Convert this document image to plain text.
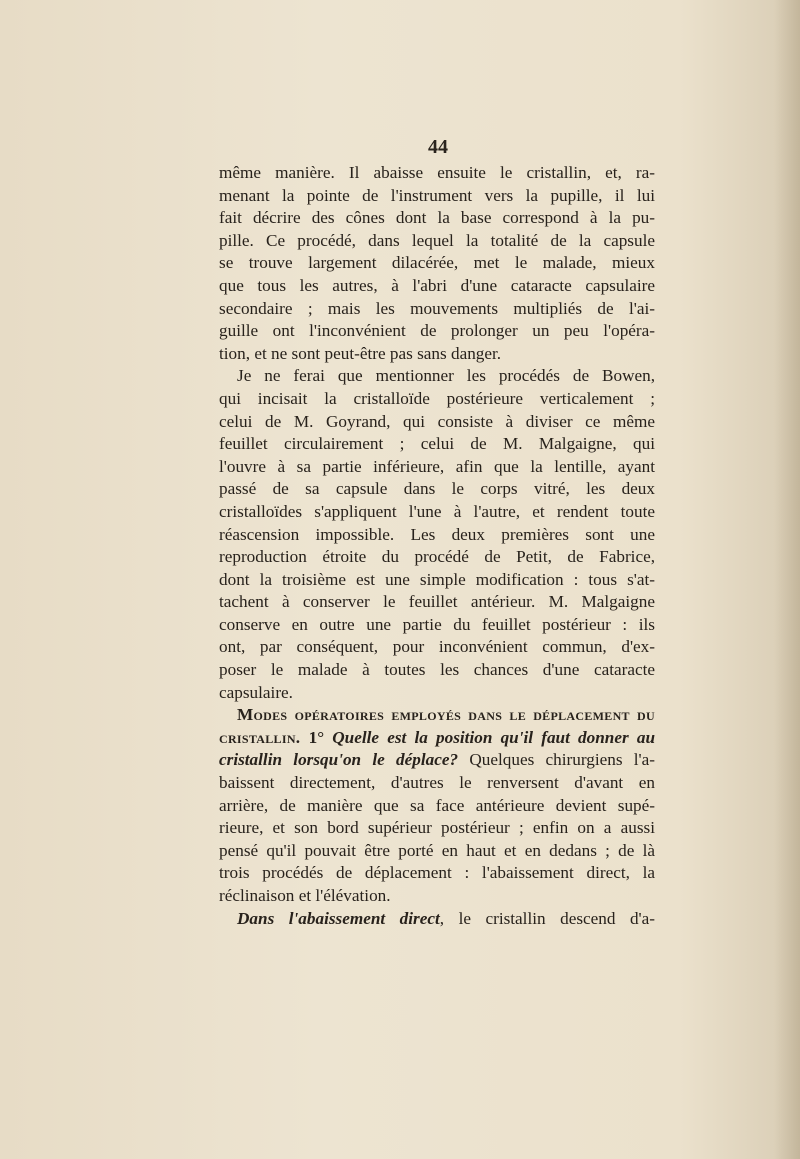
44
même manière. Il abaisse ensuite le cristallin, et, ra-
menant la pointe de l'instrument vers la pupille, il lui
fait décrire des cônes dont la base correspond à la pu-
pille. Ce procédé, dans lequel la totalité de la capsule
se trouve largement dilacérée, met le malade, mieux
que tous les autres, à l'abri d'une cataracte capsulaire
secondaire ; mais les mouvements multipliés de l'ai-
guille ont l'inconvénient de prolonger un peu l'opéra-
tion, et ne sont peut-être pas sans danger.
Je ne ferai que mentionner les procédés de Bowen,
qui incisait la cristalloïde postérieure verticalement ;
celui de M. Goyrand, qui consiste à diviser ce même
feuillet circulairement ; celui de M. Malgaigne, qui
l'ouvre à sa partie inférieure, afin que la lentille, ayant
passé de sa capsule dans le corps vitré, les deux
cristalloïdes s'appliquent l'une à l'autre, et rendent toute
réascension impossible. Les deux premières sont une
reproduction étroite du procédé de Petit, de Fabrice,
dont la troisième est une simple modification : tous s'at-
tachent à conserver le feuillet antérieur. M. Malgaigne
conserve en outre une partie du feuillet postérieur : ils
ont, par conséquent, pour inconvénient commun, d'ex-
poser le malade à toutes les chances d'une cataracte
capsulaire.
Modes opératoires employés dans le déplacement du
cristallin. 1° Quelle est la position qu'il faut donner au
cristallin lorsqu'on le déplace? Quelques chirurgiens l'a-
baissent directement, d'autres le renversent d'avant en
arrière, de manière que sa face antérieure devient supé-
rieure, et son bord supérieur postérieur ; enfin on a aussi
pensé qu'il pouvait être porté en haut et en dedans ; de là
trois procédés de déplacement : l'abaissement direct, la
réclinaison et l'élévation.
Dans l'abaissement direct, le cristallin descend d'a-
